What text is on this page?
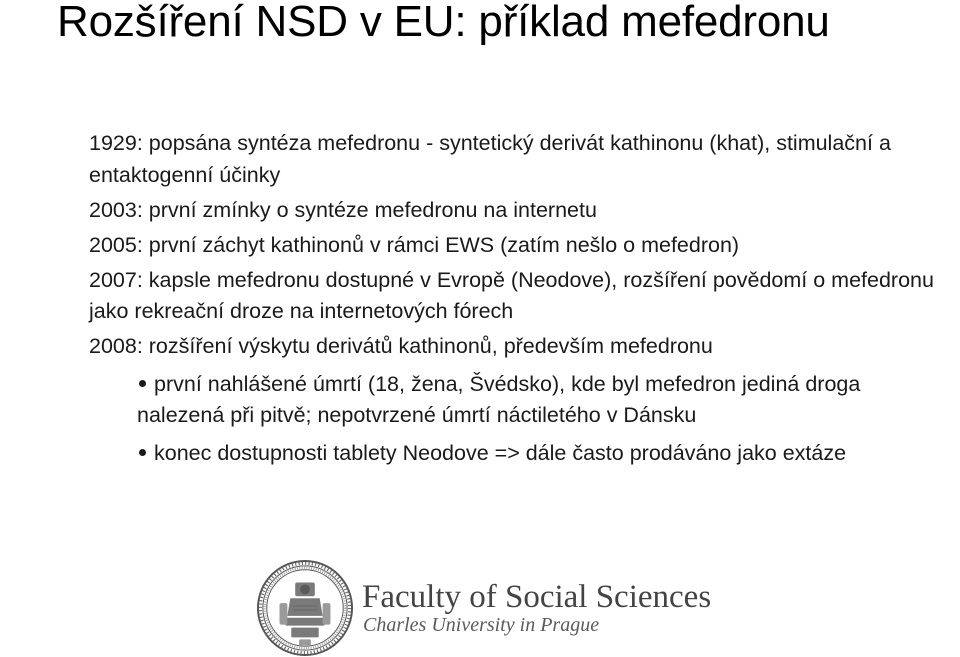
Rozšíření NSD v EU: příklad mefedronu

1929: popsána syntéza mefedronu - syntetický derivát kathinonu (khat), stimulační a entaktogenní účinky

2003: první zmínky o syntéze mefedronu na internetu

2005: první záchyt kathinonů v rámci EWS (zatím nešlo o mefedron)

2007: kapsle mefedronu dostupné v Evropě (Neodove), rozšíření povědomí o mefedronu jako rekreační droze na internetových fórech

2008: rozšíření výskytu derivátů kathinonů, především mefedronu

první nahlášené úmrtí (18, žena, Švédsko), kde byl mefedron jediná droga nalezená při pitvě; nepotvrzené úmrtí náctiletého v Dánsku
konec dostupnosti tablety Neodove => dále často prodáváno jako extáze
Faculty of Social Sciences
Charles University in Prague
